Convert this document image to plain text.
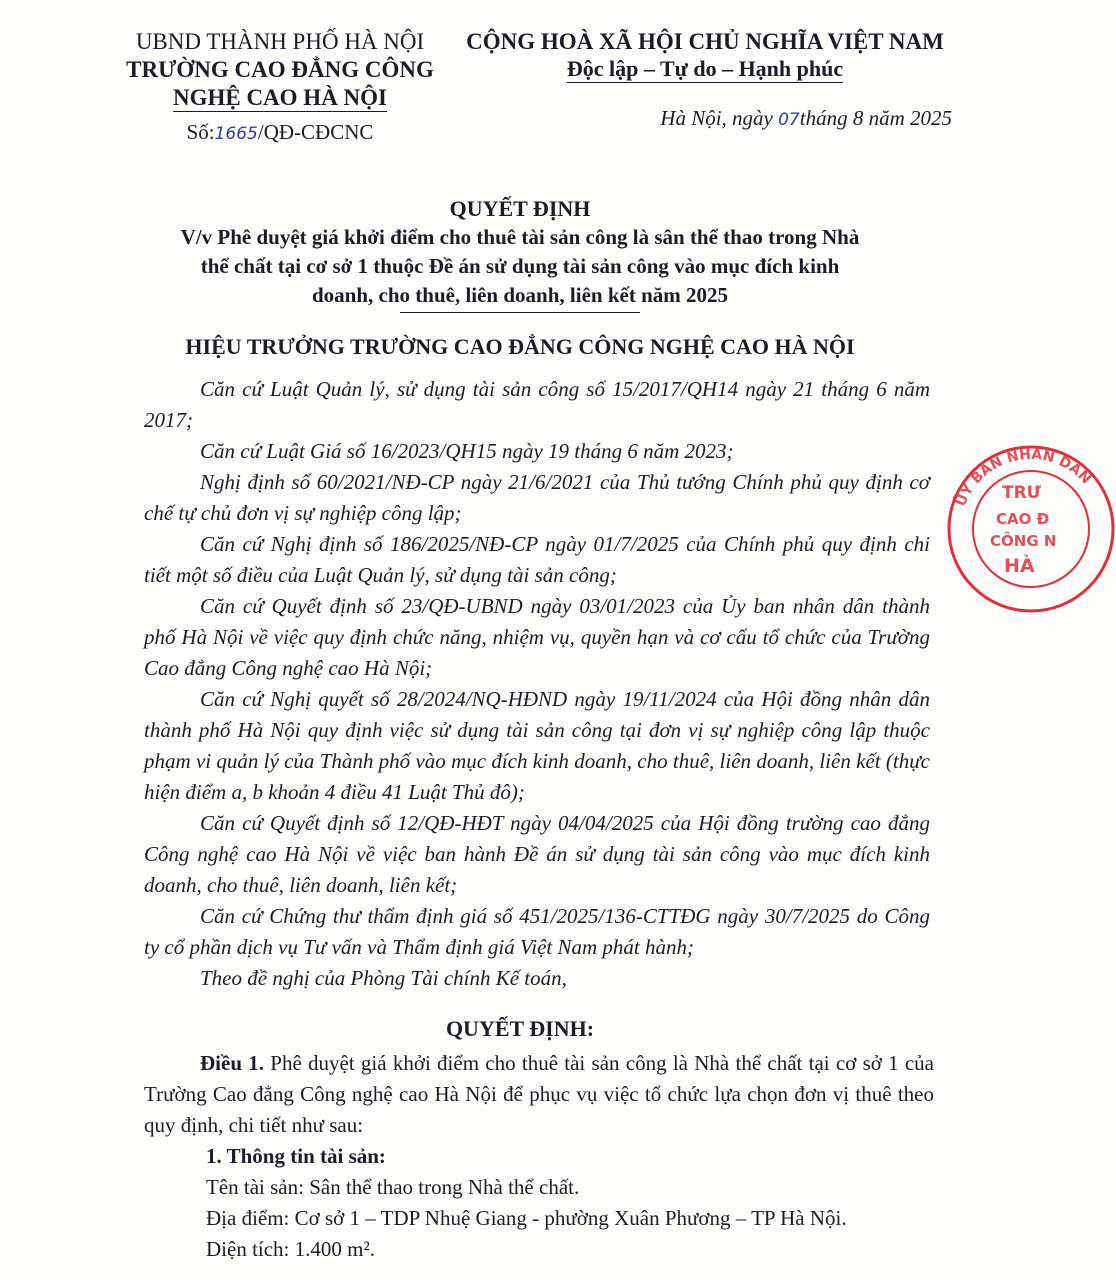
UBND THÀNH PHỐ HÀ NỘI
TRƯỜNG CAO ĐẲNG CÔNG
NGHỆ CAO HÀ NỘI
Số:1665/QĐ-CĐCNC
CỘNG HOÀ XÃ HỘI CHỦ NGHĨA VIỆT NAM
Độc lập – Tự do – Hạnh phúc
Hà Nội, ngày 07tháng 8 năm 2025
QUYẾT ĐỊNH
V/v Phê duyệt giá khởi điểm cho thuê tài sản công là sân thể thao trong Nhà
thể chất tại cơ sở 1 thuộc Đề án sử dụng tài sản công vào mục đích kinh
doanh, cho thuê, liên doanh, liên kết năm 2025
HIỆU TRƯỞNG TRƯỜNG CAO ĐẲNG CÔNG NGHỆ CAO HÀ NỘI

Căn cứ Luật Quản lý, sử dụng tài sản công số 15/2017/QH14 ngày 21 tháng 6 năm 2017;

Căn cứ Luật Giá số 16/2023/QH15 ngày 19 tháng 6 năm 2023;

Nghị định số 60/2021/NĐ-CP ngày 21/6/2021 của Thủ tướng Chính phủ quy định cơ chế tự chủ đơn vị sự nghiệp công lập;

Căn cứ Nghị định số 186/2025/NĐ-CP ngày 01/7/2025 của Chính phủ quy định chi tiết một số điều của Luật Quản lý, sử dụng tài sản công;

Căn cứ Quyết định số 23/QĐ-UBND ngày 03/01/2023 của Ủy ban nhân dân thành phố Hà Nội về việc quy định chức năng, nhiệm vụ, quyền hạn và cơ cấu tổ chức của Trường Cao đẳng Công nghệ cao Hà Nội;

Căn cứ Nghị quyết số 28/2024/NQ-HĐND ngày 19/11/2024 của Hội đồng nhân dân thành phố Hà Nội quy định việc sử dụng tài sản công tại đơn vị sự nghiệp công lập thuộc phạm vi quản lý của Thành phố vào mục đích kinh doanh, cho thuê, liên doanh, liên kết (thực hiện điểm a, b khoản 4 điều 41 Luật Thủ đô);

Căn cứ Quyết định số 12/QĐ-HĐT ngày 04/04/2025 của Hội đồng trường cao đẳng Công nghệ cao Hà Nội về việc ban hành Đề án sử dụng tài sản công vào mục đích kinh doanh, cho thuê, liên doanh, liên kết;

Căn cứ Chứng thư thẩm định giá số 451/2025/136-CTTĐG ngày 30/7/2025 do Công ty cổ phần dịch vụ Tư vấn và Thẩm định giá Việt Nam phát hành;

Theo đề nghị của Phòng Tài chính Kế toán,

QUYẾT ĐỊNH:

Điều 1. Phê duyệt giá khởi điểm cho thuê tài sản công là Nhà thể chất tại cơ sở 1 của Trường Cao đẳng Công nghệ cao Hà Nội để phục vụ việc tổ chức lựa chọn đơn vị thuê theo quy định, chi tiết như sau:

1. Thông tin tài sản:

Tên tài sản: Sân thể thao trong Nhà thể chất.

Địa điểm: Cơ sở 1 – TDP Nhuệ Giang - phường Xuân Phương – TP Hà Nội.

Diện tích: 1.400 m².

ỦY BAN NHÂN DÂN
TRƯ
CAO Đ
CÔNG N
HÀ
